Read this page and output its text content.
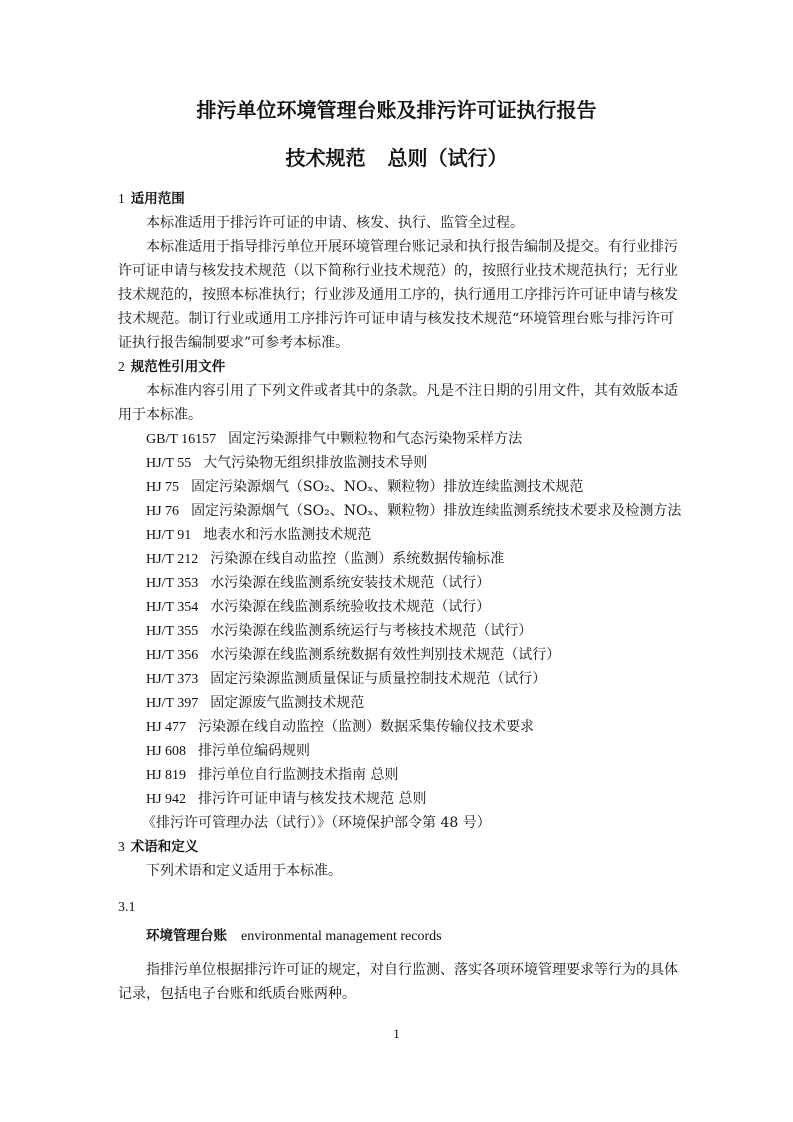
排污单位环境管理台账及排污许可证执行报告
技术规范 总则（试行）
1 适用范围
本标准适用于排污许可证的申请、核发、执行、监管全过程。
本标准适用于指导排污单位开展环境管理台账记录和执行报告编制及提交。有行业排污
许可证申请与核发技术规范（以下简称行业技术规范）的，按照行业技术规范执行；无行业
技术规范的，按照本标准执行；行业涉及通用工序的，执行通用工序排污许可证申请与核发
技术规范。制订行业或通用工序排污许可证申请与核发技术规范“环境管理台账与排污许可
证执行报告编制要求”可参考本标准。
2 规范性引用文件
本标准内容引用了下列文件或者其中的条款。凡是不注日期的引用文件，其有效版本适
用于本标准。
GB/T 16157 固定污染源排气中颗粒物和气态污染物采样方法
HJ/T 55 大气污染物无组织排放监测技术导则
HJ 75 固定污染源烟气（SO₂、NOₓ、颗粒物）排放连续监测技术规范
HJ 76 固定污染源烟气（SO₂、NOₓ、颗粒物）排放连续监测系统技术要求及检测方法
HJ/T 91 地表水和污水监测技术规范
HJ/T 212 污染源在线自动监控（监测）系统数据传输标准
HJ/T 353 水污染源在线监测系统安装技术规范（试行）
HJ/T 354 水污染源在线监测系统验收技术规范（试行）
HJ/T 355 水污染源在线监测系统运行与考核技术规范（试行）
HJ/T 356 水污染源在线监测系统数据有效性判别技术规范（试行）
HJ/T 373 固定污染源监测质量保证与质量控制技术规范（试行）
HJ/T 397 固定源废气监测技术规范
HJ 477 污染源在线自动监控（监测）数据采集传输仪技术要求
HJ 608 排污单位编码规则
HJ 819 排污单位自行监测技术指南 总则
HJ 942 排污许可证申请与核发技术规范 总则
《排污许可管理办法（试行）》（环境保护部令第 48 号）
3 术语和定义
下列术语和定义适用于本标准。
3.1
环境管理台账 environmental management records
指排污单位根据排污许可证的规定，对自行监测、落实各项环境管理要求等行为的具体
记录，包括电子台账和纸质台账两种。
1
